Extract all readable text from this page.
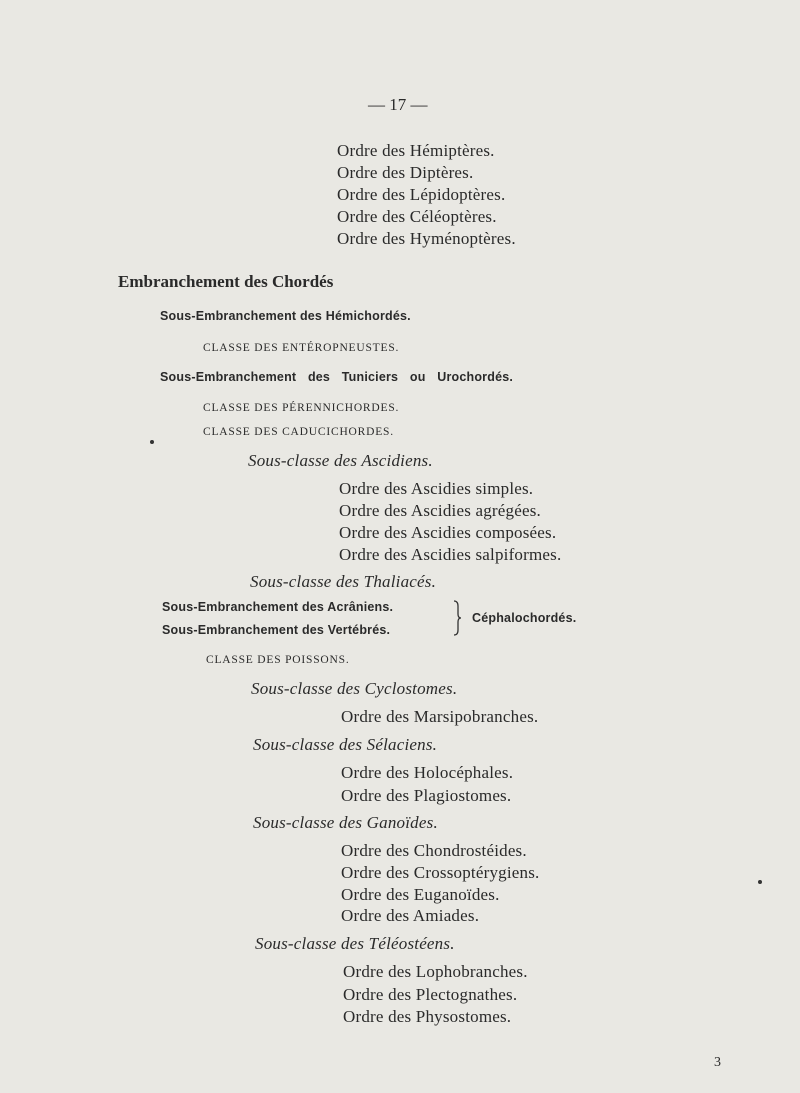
— 17 —
Ordre des Hémiptères.
Ordre des Diptères.
Ordre des Lépidoptères.
Ordre des Céléoptères.
Ordre des Hyménoptères.
Embranchement des Chordés
Sous-Embranchement des Hémichordés.
CLASSE DES ENTÉROPNEUSTES.
Sous-Embranchement des Tuniciers ou Urochordés.
CLASSE DES PÉRENNICHORDES.
CLASSE DES CADUCICHORDES.
Sous-classe des Ascidiens.
Ordre des Ascidies simples.
Ordre des Ascidies agrégées.
Ordre des Ascidies composées.
Ordre des Ascidies salpiformes.
Sous-classe des Thaliacés.
Sous-Embranchement des Acrâniens.
Sous-Embranchement des Vertébrés.
Céphalochordés.
CLASSE DES POISSONS.
Sous-classe des Cyclostomes.
Ordre des Marsipobranches.
Sous-classe des Sélaciens.
Ordre des Holocéphales.
Ordre des Plagiostomes.
Sous-classe des Ganoïdes.
Ordre des Chondrostéides.
Ordre des Crossoptérygiens.
Ordre des Euganoïdes.
Ordre des Amiades.
Sous-classe des Téléostéens.
Ordre des Lophobranches.
Ordre des Plectognathes.
Ordre des Physostomes.
3
